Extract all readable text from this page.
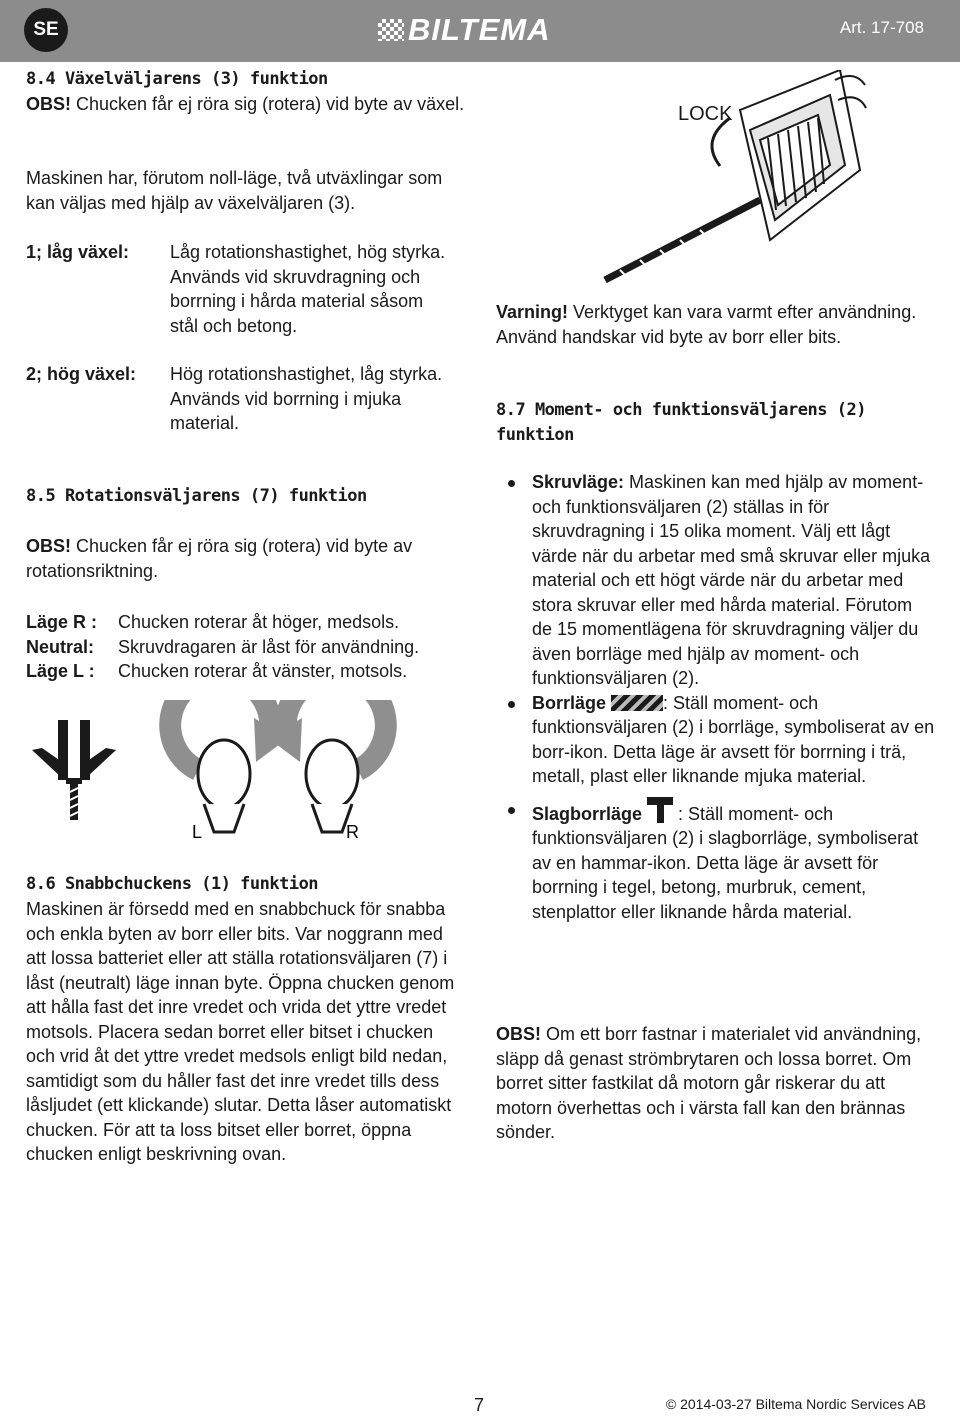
SE	BILTEMA	Art. 17-708
8.4 Växelväljarens (3) funktion
OBS! Chucken får ej röra sig (rotera) vid byte av växel.
Maskinen har, förutom noll-läge, två utväxlingar som kan väljas med hjälp av växelväljaren (3).
1; låg växel: Låg rotationshastighet, hög styrka. Används vid skruvdragning och borrning i hårda material såsom stål och betong.
2; hög växel: Hög rotationshastighet, låg styrka. Används vid borrning i mjuka material.
8.5 Rotationsväljarens (7) funktion
OBS! Chucken får ej röra sig (rotera) vid byte av rotationsriktning.
Läge R :	Chucken roterar åt höger, medsols.
Neutral:	Skruvdragaren är låst för användning.
Läge L :	Chucken roterar åt vänster, motsols.
L	R
8.6 Snabbchuckens (1) funktion
Maskinen är försedd med en snabbchuck för snabba och enkla byten av borr eller bits. Var noggrann med att lossa batteriet eller att ställa rotationsväljaren (7) i låst (neutralt) läge innan byte. Öppna chucken genom att hålla fast det inre vredet och vrida det yttre vredet motsols. Placera sedan borret eller bitset i chucken och vrid åt det yttre vredet medsols enligt bild nedan, samtidigt som du håller fast det inre vredet tills dess låsljudet (ett klickande) slutar. Detta låser automatiskt chucken. För att ta loss bitset eller borret, öppna chucken enligt beskrivning ovan.
LOCK
Varning! Verktyget kan vara varmt efter användning. Använd handskar vid byte av borr eller bits.
8.7 Moment- och funktionsväljarens (2) funktion
Skruvläge: Maskinen kan med hjälp av moment- och funktionsväljaren (2) ställas in för skruvdragning i 15 olika moment. Välj ett lågt värde när du arbetar med små skruvar eller mjuka material och ett högt värde när du arbetar med stora skruvar eller med hårda material. Förutom de 15 momentlägena för skruvdragning väljer du även borrläge med hjälp av moment- och funktionsväljaren (2).
Borrläge	: Ställ moment- och funktionsväljaren (2) i borrläge, symboliserat av en borr-ikon. Detta läge är avsett för borrning i trä, metall, plast eller liknande mjuka material.
Slagborrläge
: Ställ moment- och funktionsväljaren (2) i slagborrläge, symboliserat av en hammar-ikon. Detta läge är avsett för borrning i tegel, betong, murbruk, cement, stenplattor eller liknande hårda material.
OBS! Om ett borr fastnar i materialet vid användning, släpp då genast strömbrytaren och lossa borret. Om borret sitter fastkilat då motorn går riskerar du att motorn överhettas och i värsta fall kan den brännas sönder.
7	© 2014-03-27 Biltema Nordic Services AB
